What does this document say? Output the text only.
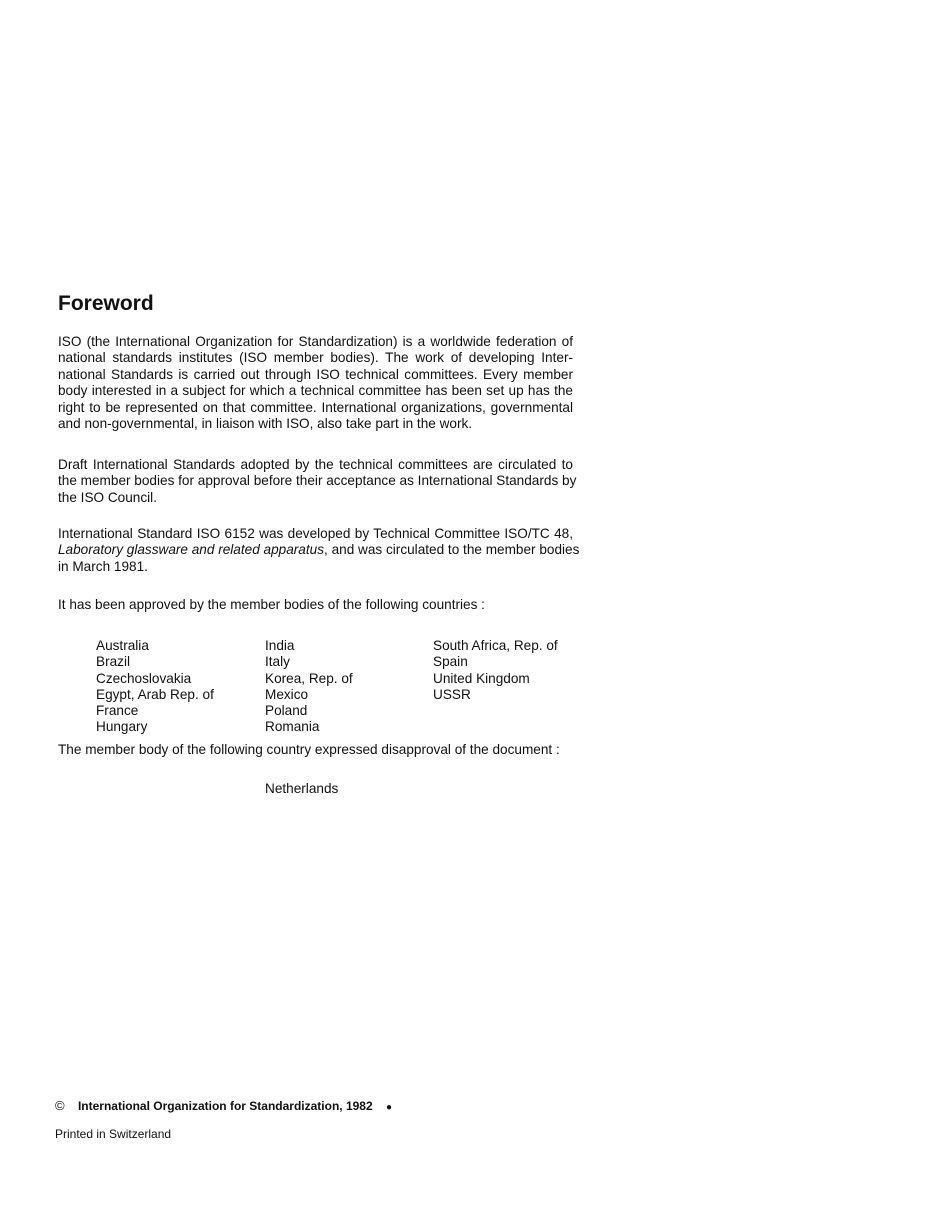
Foreword
ISO (the International Organization for Standardization) is a worldwide federation of
national standards institutes (ISO member bodies). The work of developing Inter-
national Standards is carried out through ISO technical committees. Every member
body interested in a subject for which a technical committee has been set up has the
right to be represented on that committee. International organizations, governmental
and non-governmental, in liaison with ISO, also take part in the work.
Draft International Standards adopted by the technical committees are circulated to
the member bodies for approval before their acceptance as International Standards by
the ISO Council.
International Standard ISO 6152 was developed by Technical Committee ISO/TC 48,
Laboratory glassware and related apparatus, and was circulated to the member bodies
in March 1981.
It has been approved by the member bodies of the following countries :
Australia
Brazil
Czechoslovakia
Egypt, Arab Rep. of
France
Hungary
India
Italy
Korea, Rep. of
Mexico
Poland
Romania
South Africa, Rep. of
Spain
United Kingdom
USSR
The member body of the following country expressed disapproval of the document :
Netherlands
© International Organization for Standardization, 1982 ●
Printed in Switzerland
